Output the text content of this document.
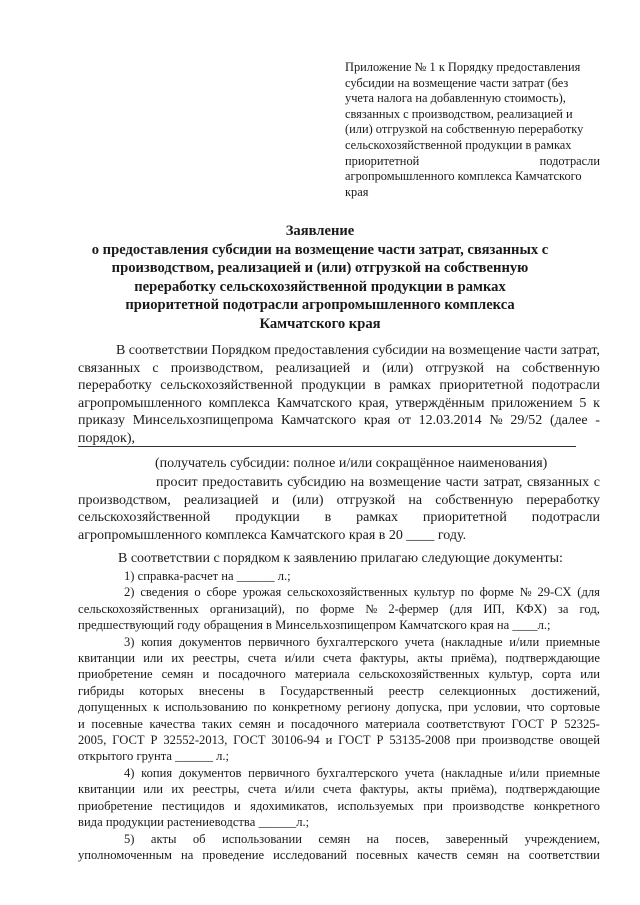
Приложение № 1 к Порядку предоставления
субсидии на возмещение части затрат (без
учета налога на добавленную стоимость),
связанных с производством, реализацией и
(или) отгрузкой на собственную переработку
сельскохозяйственной продукции в рамках
приоритетной	подотрасли
агропромышленного комплекса Камчатского
края
Заявление
о предоставления субсидии на возмещение части затрат, связанных с
производством, реализацией и (или) отгрузкой на собственную
переработку сельскохозяйственной продукции в рамках
приоритетной подотрасли агропромышленного комплекса
Камчатского края
В соответствии Порядком предоставления субсидии на возмещение части затрат,
связанных с производством, реализацией и (или) отгрузкой на собственную
переработку сельскохозяйственной продукции в рамках приоритетной подотрасли
агропромышленного комплекса Камчатского края, утверждённым приложением 5 к
приказу Минсельхозпищепрома Камчатского края от 12.03.2014 № 29/52 (далее -
порядок),
(получатель субсидии: полное и/или сокращённое наименования)
просит предоставить субсидию на возмещение части затрат, связанных с
производством, реализацией и (или) отгрузкой на собственную переработку
сельскохозяйственной продукции в рамках приоритетной подотрасли
агропромышленного комплекса Камчатского края в 20 ____ году.
В соответствии с порядком к заявлению прилагаю следующие документы:
1) справка-расчет на ______ л.;
2) сведения о сборе урожая сельскохозяйственных культур по форме № 29-СХ (для
сельскохозяйственных организаций), по форме № 2-фермер (для ИП, КФХ) за год,
предшествующий году обращения в Минсельхозпищепром Камчатского края на ____л.;
3) копия документов первичного бухгалтерского учета (накладные и/или приемные
квитанции или их реестры, счета и/или счета фактуры, акты приёма), подтверждающие
приобретение семян и посадочного материала сельскохозяйственных культур, сорта или
гибриды которых внесены в Государственный реестр селекционных достижений,
допущенных к использованию по конкретному региону допуска, при условии, что сортовые
и посевные качества таких семян и посадочного материала соответствуют ГОСТ Р 52325-
2005, ГОСТ Р 32552-2013, ГОСТ 30106-94 и ГОСТ Р 53135-2008 при производстве овощей
открытого грунта ______ л.;
4) копия документов первичного бухгалтерского учета (накладные и/или приемные
квитанции или их реестры, счета и/или счета фактуры, акты приёма), подтверждающие
приобретение пестицидов и ядохимикатов, используемых при производстве конкретного
вида продукции растениеводства ______л.;
5) акты об использовании семян на посев, заверенный учреждением,
уполномоченным на проведение исследований посевных качеств семян на соответствии
